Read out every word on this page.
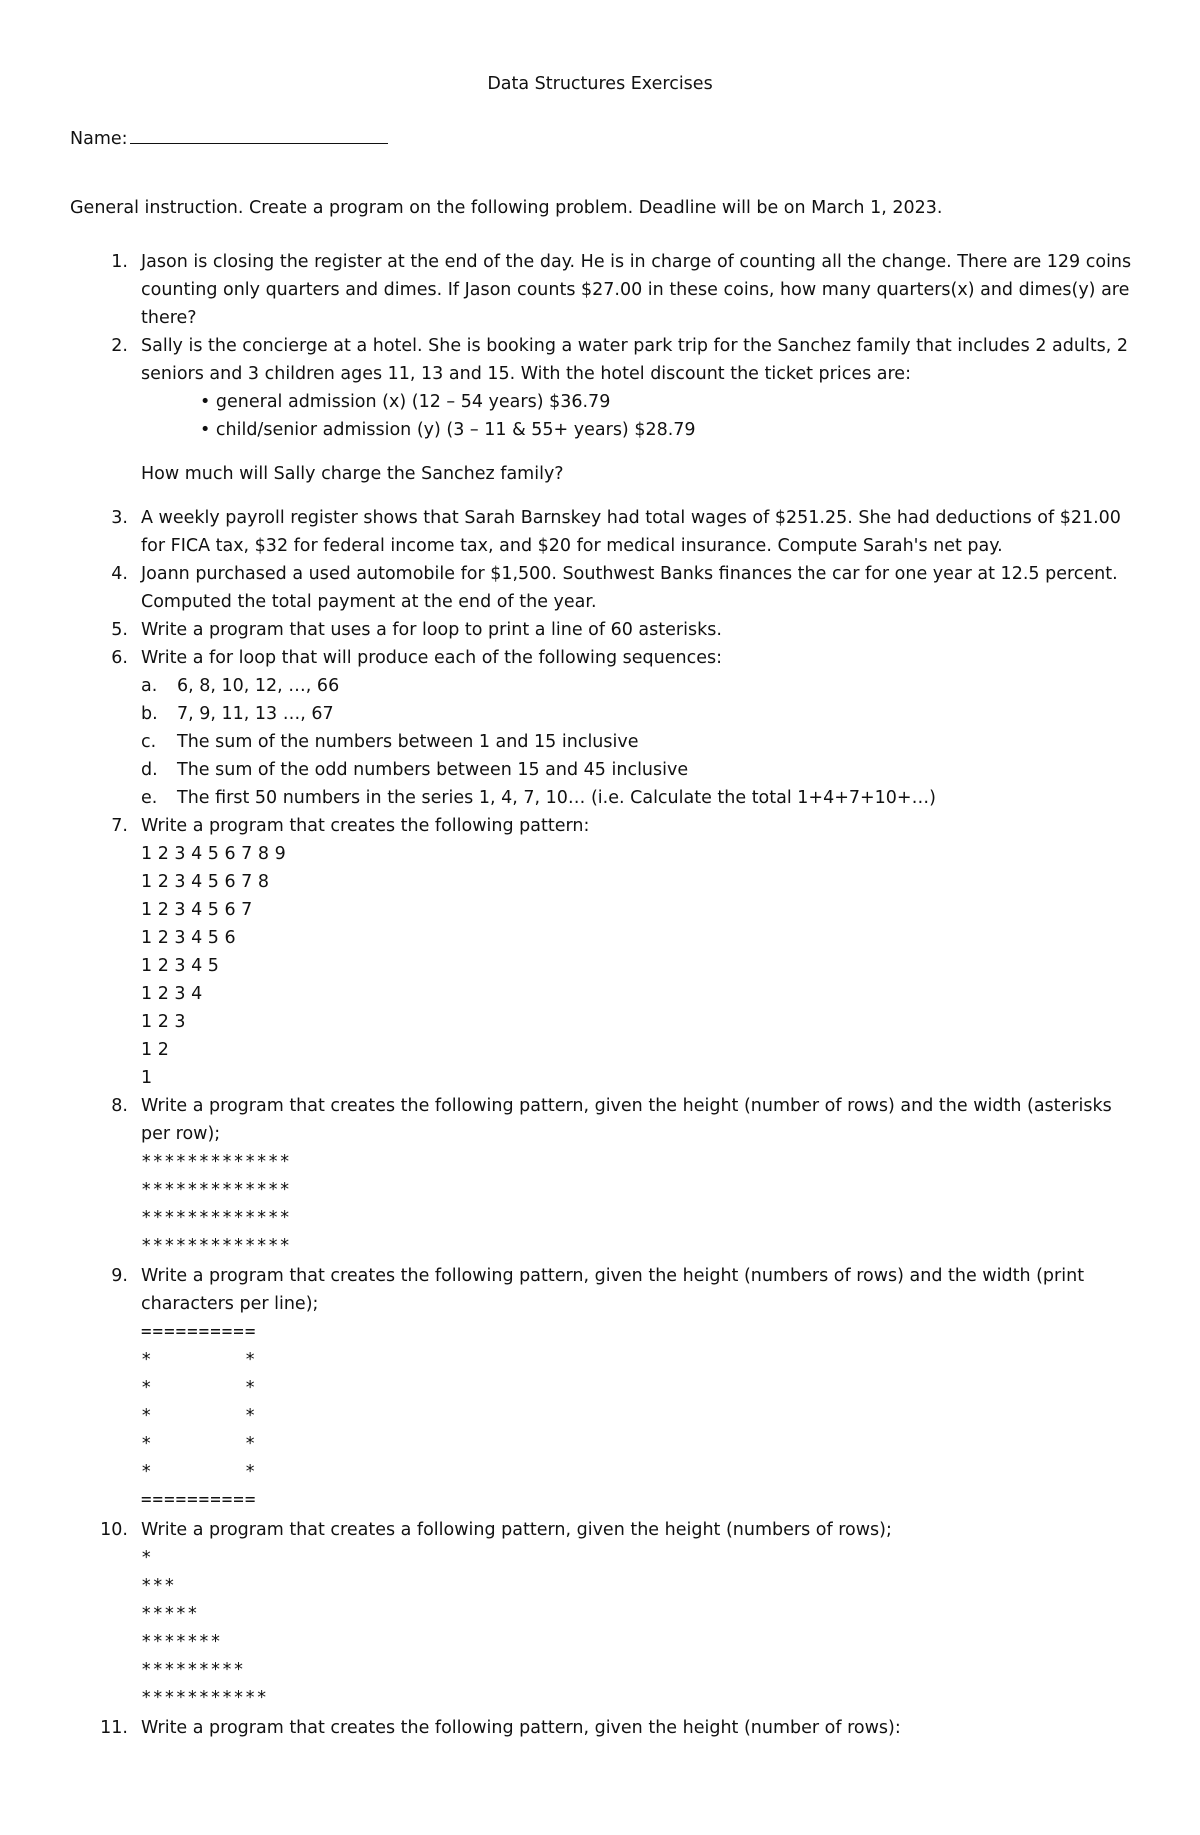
Data Structures Exercises
Name:
General instruction. Create a program on the following problem. Deadline will be on March 1, 2023.
1. Jason is closing the register at the end of the day. He is in charge of counting all the change. There are 129 coins
counting only quarters and dimes. If Jason counts $27.00 in these coins, how many quarters(x) and dimes(y) are
there?
2. Sally is the concierge at a hotel. She is booking a water park trip for the Sanchez family that includes 2 adults, 2
seniors and 3 children ages 11, 13 and 15. With the hotel discount the ticket prices are:
• general admission (x) (12 – 54 years) $36.79
• child/senior admission (y) (3 – 11 & 55+ years) $28.79
How much will Sally charge the Sanchez family?
3. A weekly payroll register shows that Sarah Barnskey had total wages of $251.25. She had deductions of $21.00
for FICA tax, $32 for federal income tax, and $20 for medical insurance. Compute Sarah's net pay.
4. Joann purchased a used automobile for $1,500. Southwest Banks finances the car for one year at 12.5 percent.
Computed the total payment at the end of the year.
5. Write a program that uses a for loop to print a line of 60 asterisks.
6. Write a for loop that will produce each of the following sequences:
a. 6, 8, 10, 12, …, 66
b. 7, 9, 11, 13 …, 67
c. The sum of the numbers between 1 and 15 inclusive
d. The sum of the odd numbers between 15 and 45 inclusive
e. The first 50 numbers in the series 1, 4, 7, 10… (i.e. Calculate the total 1+4+7+10+…)
7. Write a program that creates the following pattern:
1 2 3 4 5 6 7 8 9
1 2 3 4 5 6 7 8
1 2 3 4 5 6 7
1 2 3 4 5 6
1 2 3 4 5
1 2 3 4
1 2 3
1 2
1
8. Write a program that creates the following pattern, given the height (number of rows) and the width (asterisks
per row);
*************
*************
*************
*************
9. Write a program that creates the following pattern, given the height (numbers of rows) and the width (print
characters per line);
==========
*        *
*        *
*        *
*        *
*        *
==========
10. Write a program that creates a following pattern, given the height (numbers of rows);
*
***
*****
*******
*********
***********
11. Write a program that creates the following pattern, given the height (number of rows):
